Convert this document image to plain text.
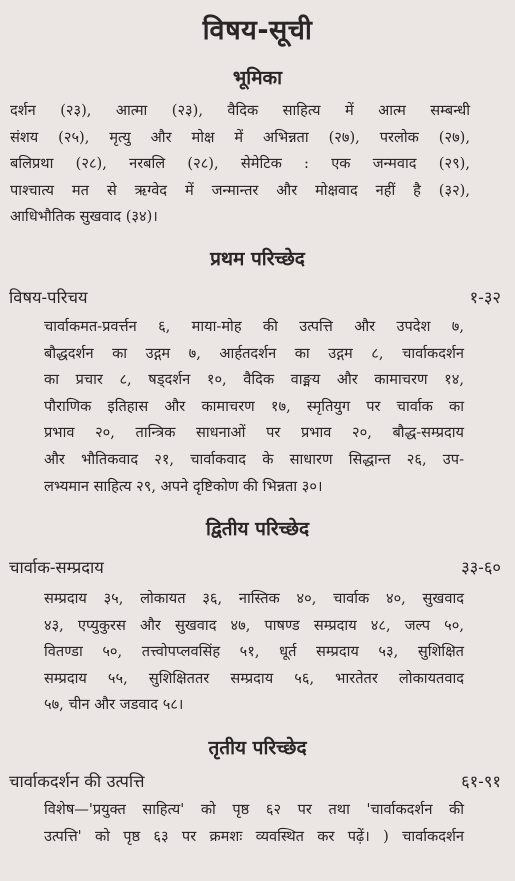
विषय-सूची
भूमिका
दर्शन (२३), आत्मा (२३), वैदिक साहित्य में आत्म सम्बन्धी
संशय (२५), मृत्यु और मोक्ष में अभिन्नता (२७), परलोक (२७),
बलिप्रथा (२८), नरबलि (२८), सेमेटिक : एक जन्मवाद (२९),
पाश्चात्य मत से ऋग्वेद में जन्मान्तर और मोक्षवाद नहीं है (३२),
आधिभौतिक सुखवाद (३४)।
प्रथम परिच्छेद
विषय-परिचय	१-३२
चार्वाकमत-प्रवर्त्तन ६, माया-मोह की उत्पत्ति और उपदेश ७,
बौद्धदर्शन का उद्गम ७, आर्हतदर्शन का उद्गम ८, चार्वाकदर्शन
का प्रचार ८, षड्दर्शन १०, वैदिक वाङ्मय और कामाचरण १४,
पौराणिक इतिहास और कामाचरण १७, स्मृतियुग पर चार्वाक का
प्रभाव २०, तान्त्रिक साधनाओं पर प्रभाव २०, बौद्ध-सम्प्रदाय
और भौतिकवाद २१, चार्वाकवाद के साधारण सिद्धान्त २६, उप-
लभ्यमान साहित्य २९, अपने दृष्टिकोण की भिन्नता ३०।
द्वितीय परिच्छेद
चार्वाक-सम्प्रदाय	३३-६०
सम्प्रदाय ३५, लोकायत ३६, नास्तिक ४०, चार्वाक ४०, सुखवाद
४३, एप्युकुरस और सुखवाद ४७, पाषण्ड सम्प्रदाय ४८, जल्प ५०,
वितण्डा ५०, तत्त्वोपप्लवसिंह ५१, धूर्त सम्प्रदाय ५३, सुशिक्षित
सम्प्रदाय ५५, सुशिक्षिततर सम्प्रदाय ५६, भारतेतर लोकायतवाद
५७, चीन और जडवाद ५८।
तृतीय परिच्छेद
चार्वाकदर्शन की उत्पत्ति	६१-९१
विशेष—'प्रयुक्त साहित्य' को पृष्ठ ६२ पर तथा 'चार्वाकदर्शन की
उत्पत्ति' को पृष्ठ ६३ पर क्रमशः व्यवस्थित कर पढ़ें। ) चार्वाकदर्शन
